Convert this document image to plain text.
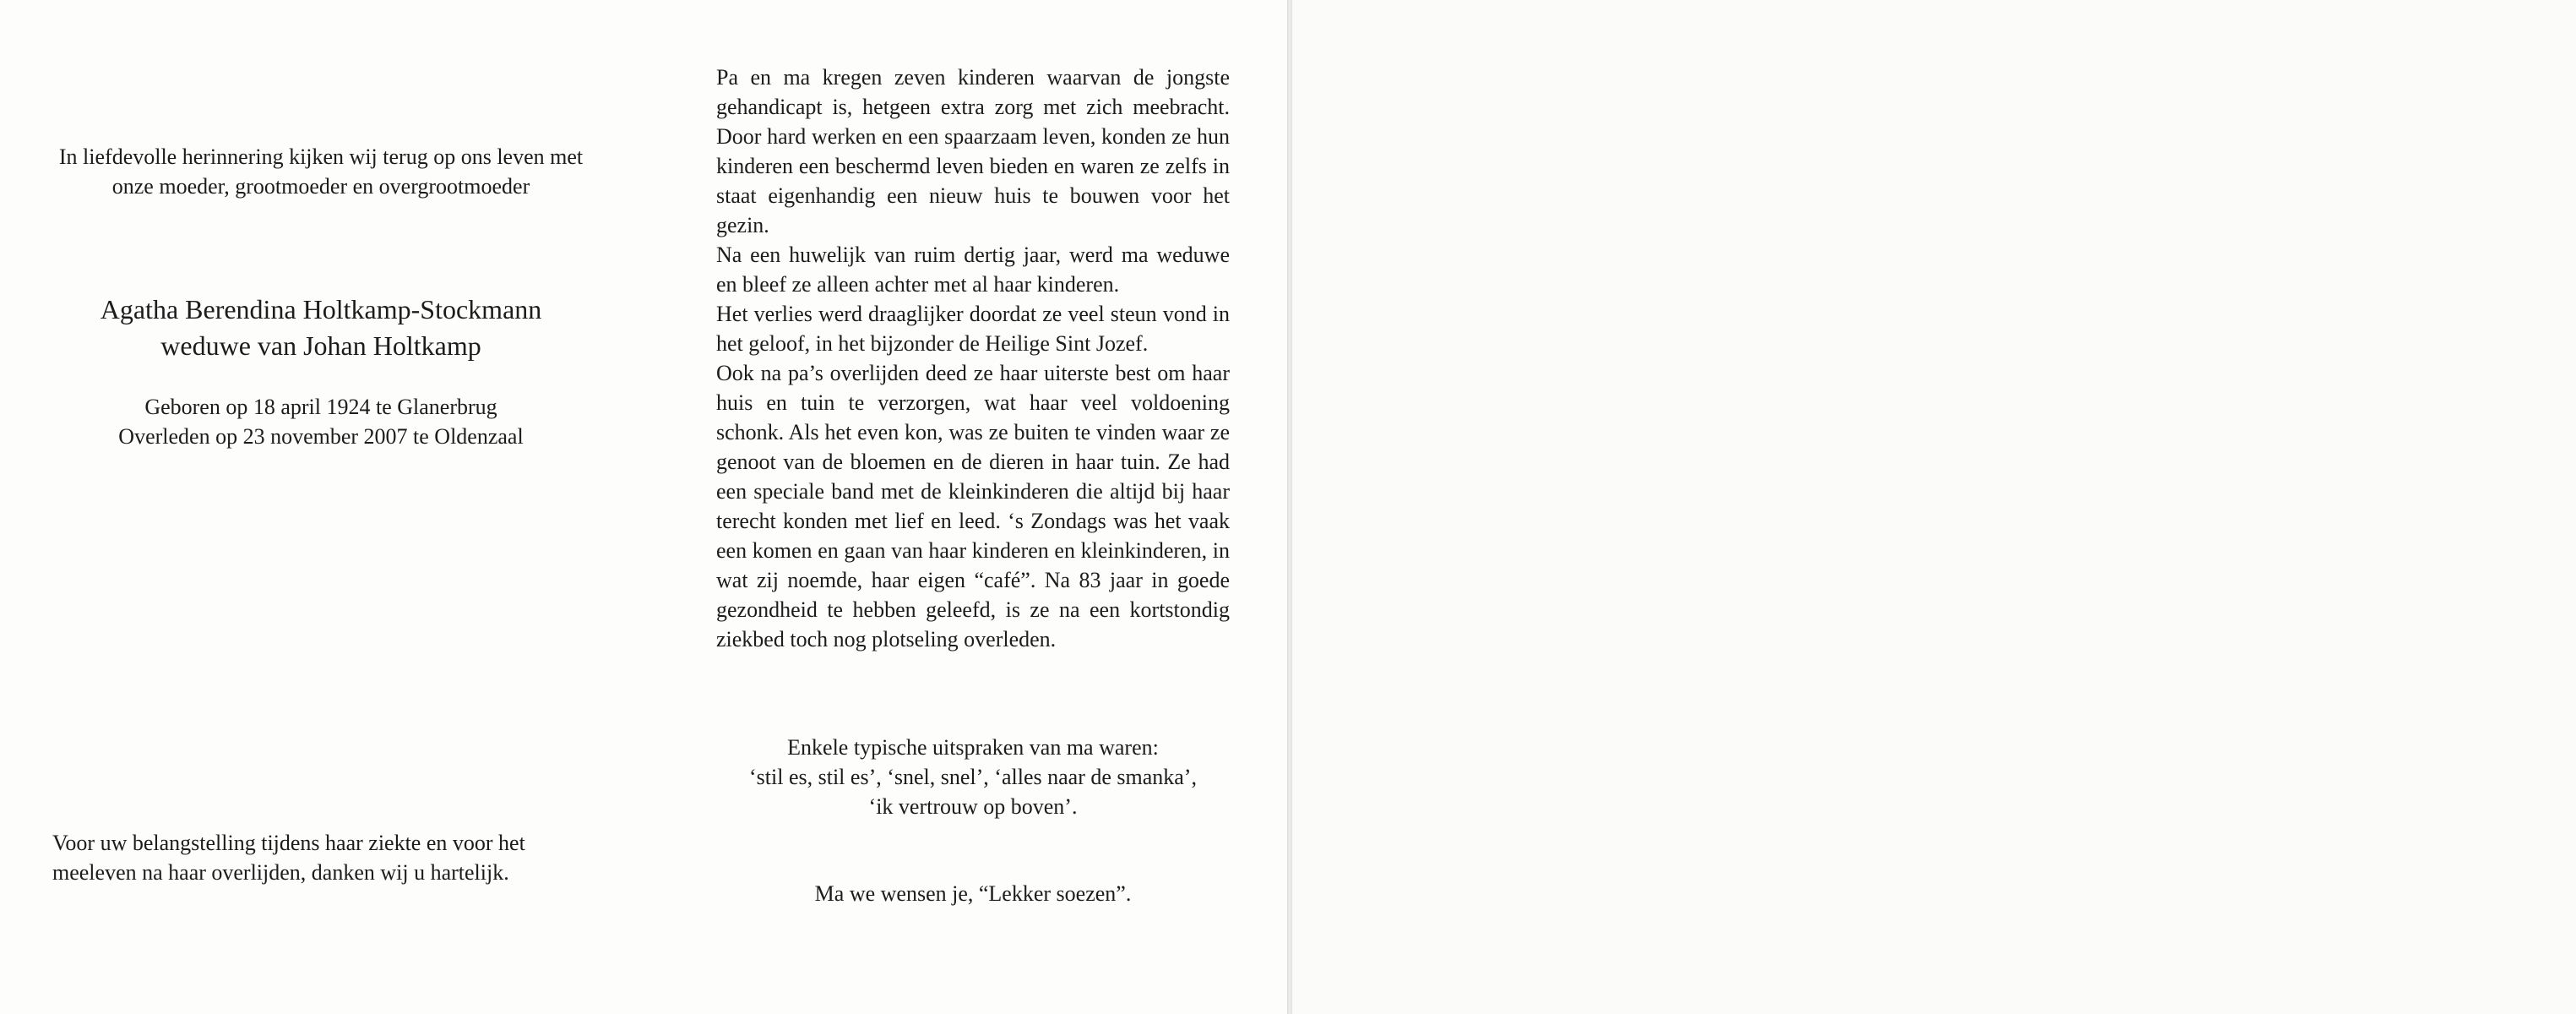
In liefdevolle herinnering kijken wij terug op ons leven met onze moeder, grootmoeder en overgrootmoeder

Agatha Berendina Holtkamp-Stockmann
weduwe van Johan Holtkamp
Geboren op 18 april 1924 te Glanerbrug
Overleden op 23 november 2007 te Oldenzaal

Voor uw belangstelling tijdens haar ziekte en voor het meeleven na haar overlijden, danken wij u hartelijk.

Pa en ma kregen zeven kinderen waarvan de jongste gehandicapt is, hetgeen extra zorg met zich meebracht. Door hard werken en een spaarzaam leven, konden ze hun kinderen een beschermd leven bieden en waren ze zelfs in staat eigenhandig een nieuw huis te bouwen voor het gezin.

Na een huwelijk van ruim dertig jaar, werd ma weduwe en bleef ze alleen achter met al haar kinderen.

Het verlies werd draaglijker doordat ze veel steun vond in het geloof, in het bijzonder de Heilige Sint Jozef.

Ook na pa’s overlijden deed ze haar uiterste best om haar huis en tuin te verzorgen, wat haar veel voldoening schonk. Als het even kon, was ze buiten te vinden waar ze genoot van de bloemen en de dieren in haar tuin. Ze had een speciale band met de kleinkinderen die altijd bij haar terecht konden met lief en leed. ‘s Zondags was het vaak een komen en gaan van haar kinderen en kleinkinderen, in wat zij noemde, haar eigen “café”. Na 83 jaar in goede gezondheid te hebben geleefd, is ze na een kortstondig ziekbed toch nog plotseling overleden.

Enkele typische uitspraken van ma waren:
‘stil es, stil es’, ‘snel, snel’, ‘alles naar de smanka’,
‘ik vertrouw op boven’.
Ma we wensen je, “Lekker soezen”.
